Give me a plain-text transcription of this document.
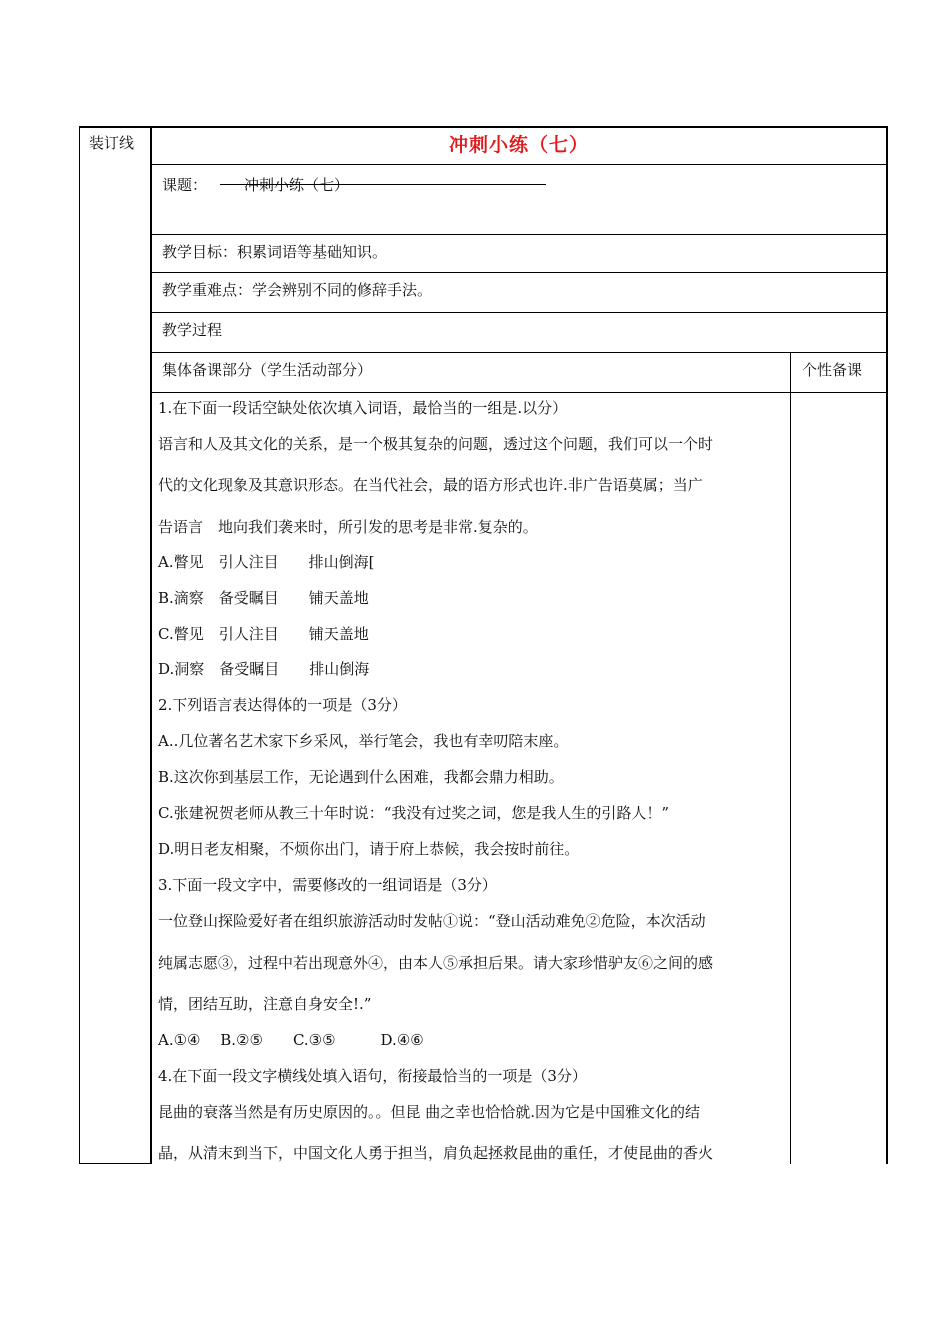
装订线	冲刺小练（七）
课题： 冲刺小练（七）
教学目标：积累词语等基础知识。
教学重难点：学会辨别不同的修辞手法。
教学过程
集体备课部分（学生活动部分）	个性备课

1.在下面一段话空缺处依次填入词语，最恰当的一组是.以分）

语言和人及其文化的关系，是一个极其复杂的问题，透过这个问题，我们可以一个时

代的文化现象及其意识形态。在当代社会，最的语方形式也许.非广告语莫属；当广

告语言　地向我们袭来时，所引发的思考是非常.复杂的。

A.瞥见　引人注目　　排山倒海[

B.滴察　备受瞩目　　铺天盖地

C.瞥见　引人注目　　铺天盖地

D.洞察　备受瞩目　　排山倒海

2.下列语言表达得体的一项是（3分）

A..几位著名艺术家下乡采风，举行笔会，我也有幸叨陪末座。

B.这次你到基层工作，无论遇到什么困难，我都会鼎力相助。

C.张建祝贺老师从教三十年时说：“我没有过奖之词，您是我人生的引路人！”

D.明日老友相聚，不烦你出门，请于府上恭候，我会按时前往。

3.下面一段文字中，需要修改的一组词语是（3分）

一位登山探险爱好者在组织旅游活动时发帖①说：“登山活动难免②危险，本次活动

纯属志愿③，过程中若出现意外④，由本人⑤承担后果。请大家珍惜驴友⑥之间的感

情，团结互助，注意自身安全!.”

A.①④　 B.②⑤　　C.③⑤　　　D.④⑥

4.在下面一段文字横线处填入语句，衔接最恰当的一项是（3分）

昆曲的衰落当然是有历史原因的。。但昆 曲之幸也恰恰就.因为它是中国雅文化的结

晶，从清末到当下，中国文化人勇于担当，肩负起拯救昆曲的重任，才使昆曲的香火
